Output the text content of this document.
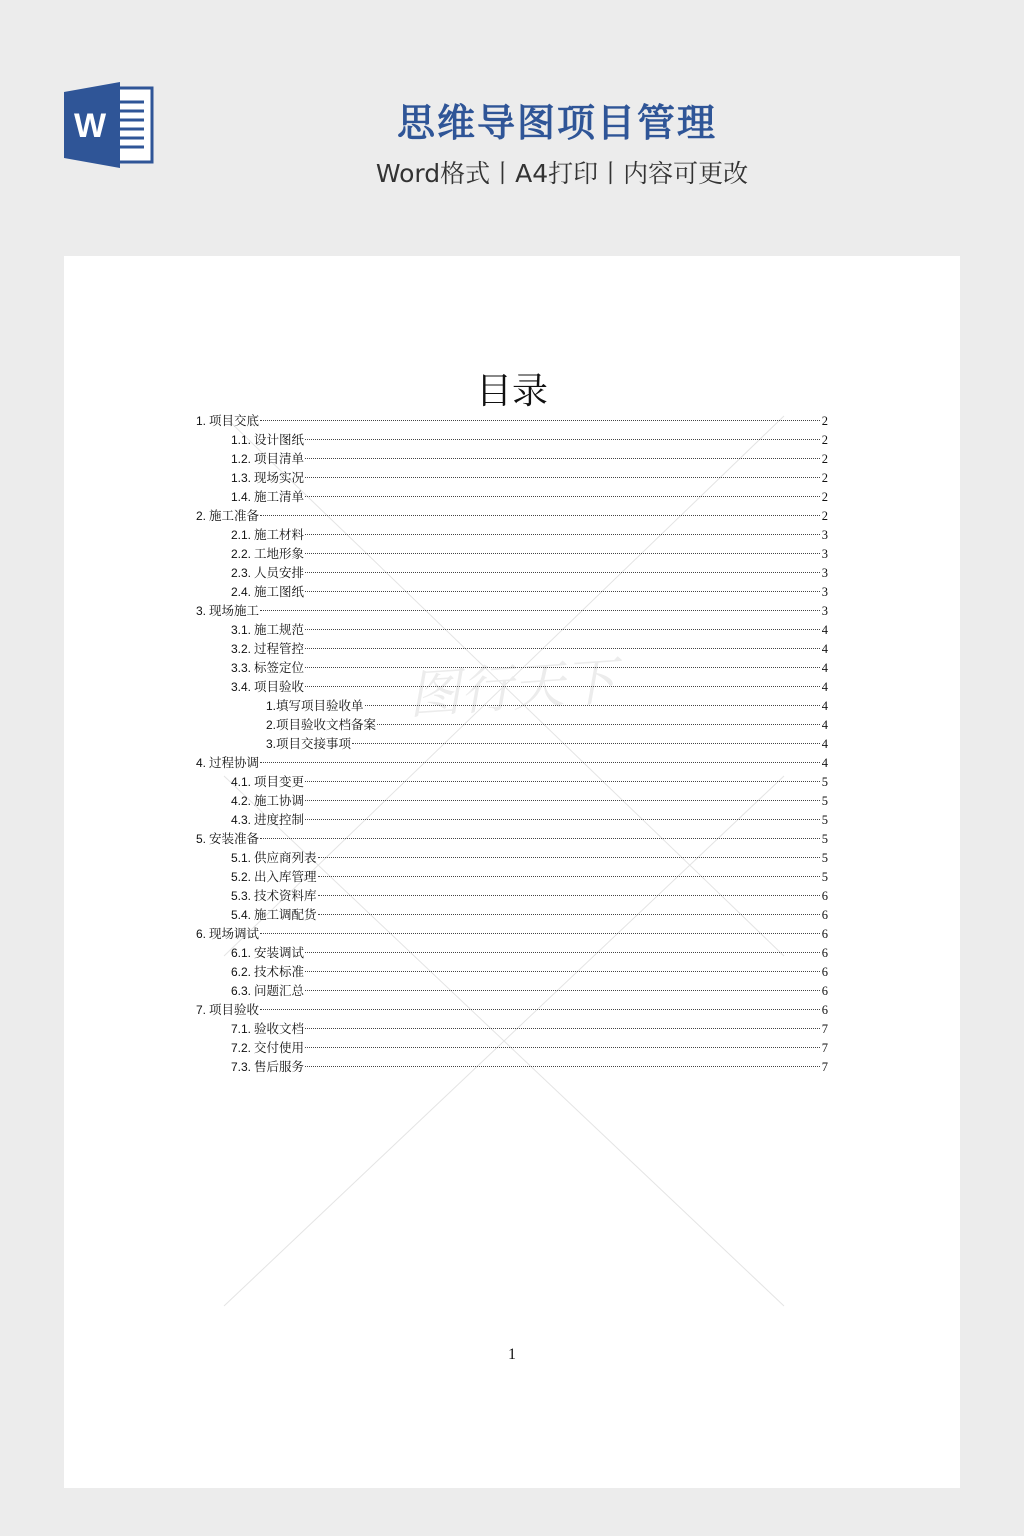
W	思维导图项目管理
Word格式丨A4打印丨内容可更改
图行天下
目录
1. 项目交底	2
1.1. 设计图纸	2
1.2. 项目清单	2
1.3. 现场实况	2
1.4. 施工清单	2
2. 施工准备	2
2.1. 施工材料	3
2.2. 工地形象	3
2.3. 人员安排	3
2.4. 施工图纸	3
3. 现场施工	3
3.1. 施工规范	4
3.2. 过程管控	4
3.3. 标签定位	4
3.4. 项目验收	4
1. 填写项目验收单	4
2. 项目验收文档备案	4
3. 项目交接事项	4
4. 过程协调	4
4.1. 项目变更	5
4.2. 施工协调	5
4.3. 进度控制	5
5. 安装准备	5
5.1. 供应商列表	5
5.2. 出入库管理	5
5.3. 技术资料库	6
5.4. 施工调配货	6
6. 现场调试	6
6.1. 安装调试	6
6.2. 技术标准	6
6.3. 问题汇总	6
7. 项目验收	6
7.1. 验收文档	7
7.2. 交付使用	7
7.3. 售后服务	7
1
